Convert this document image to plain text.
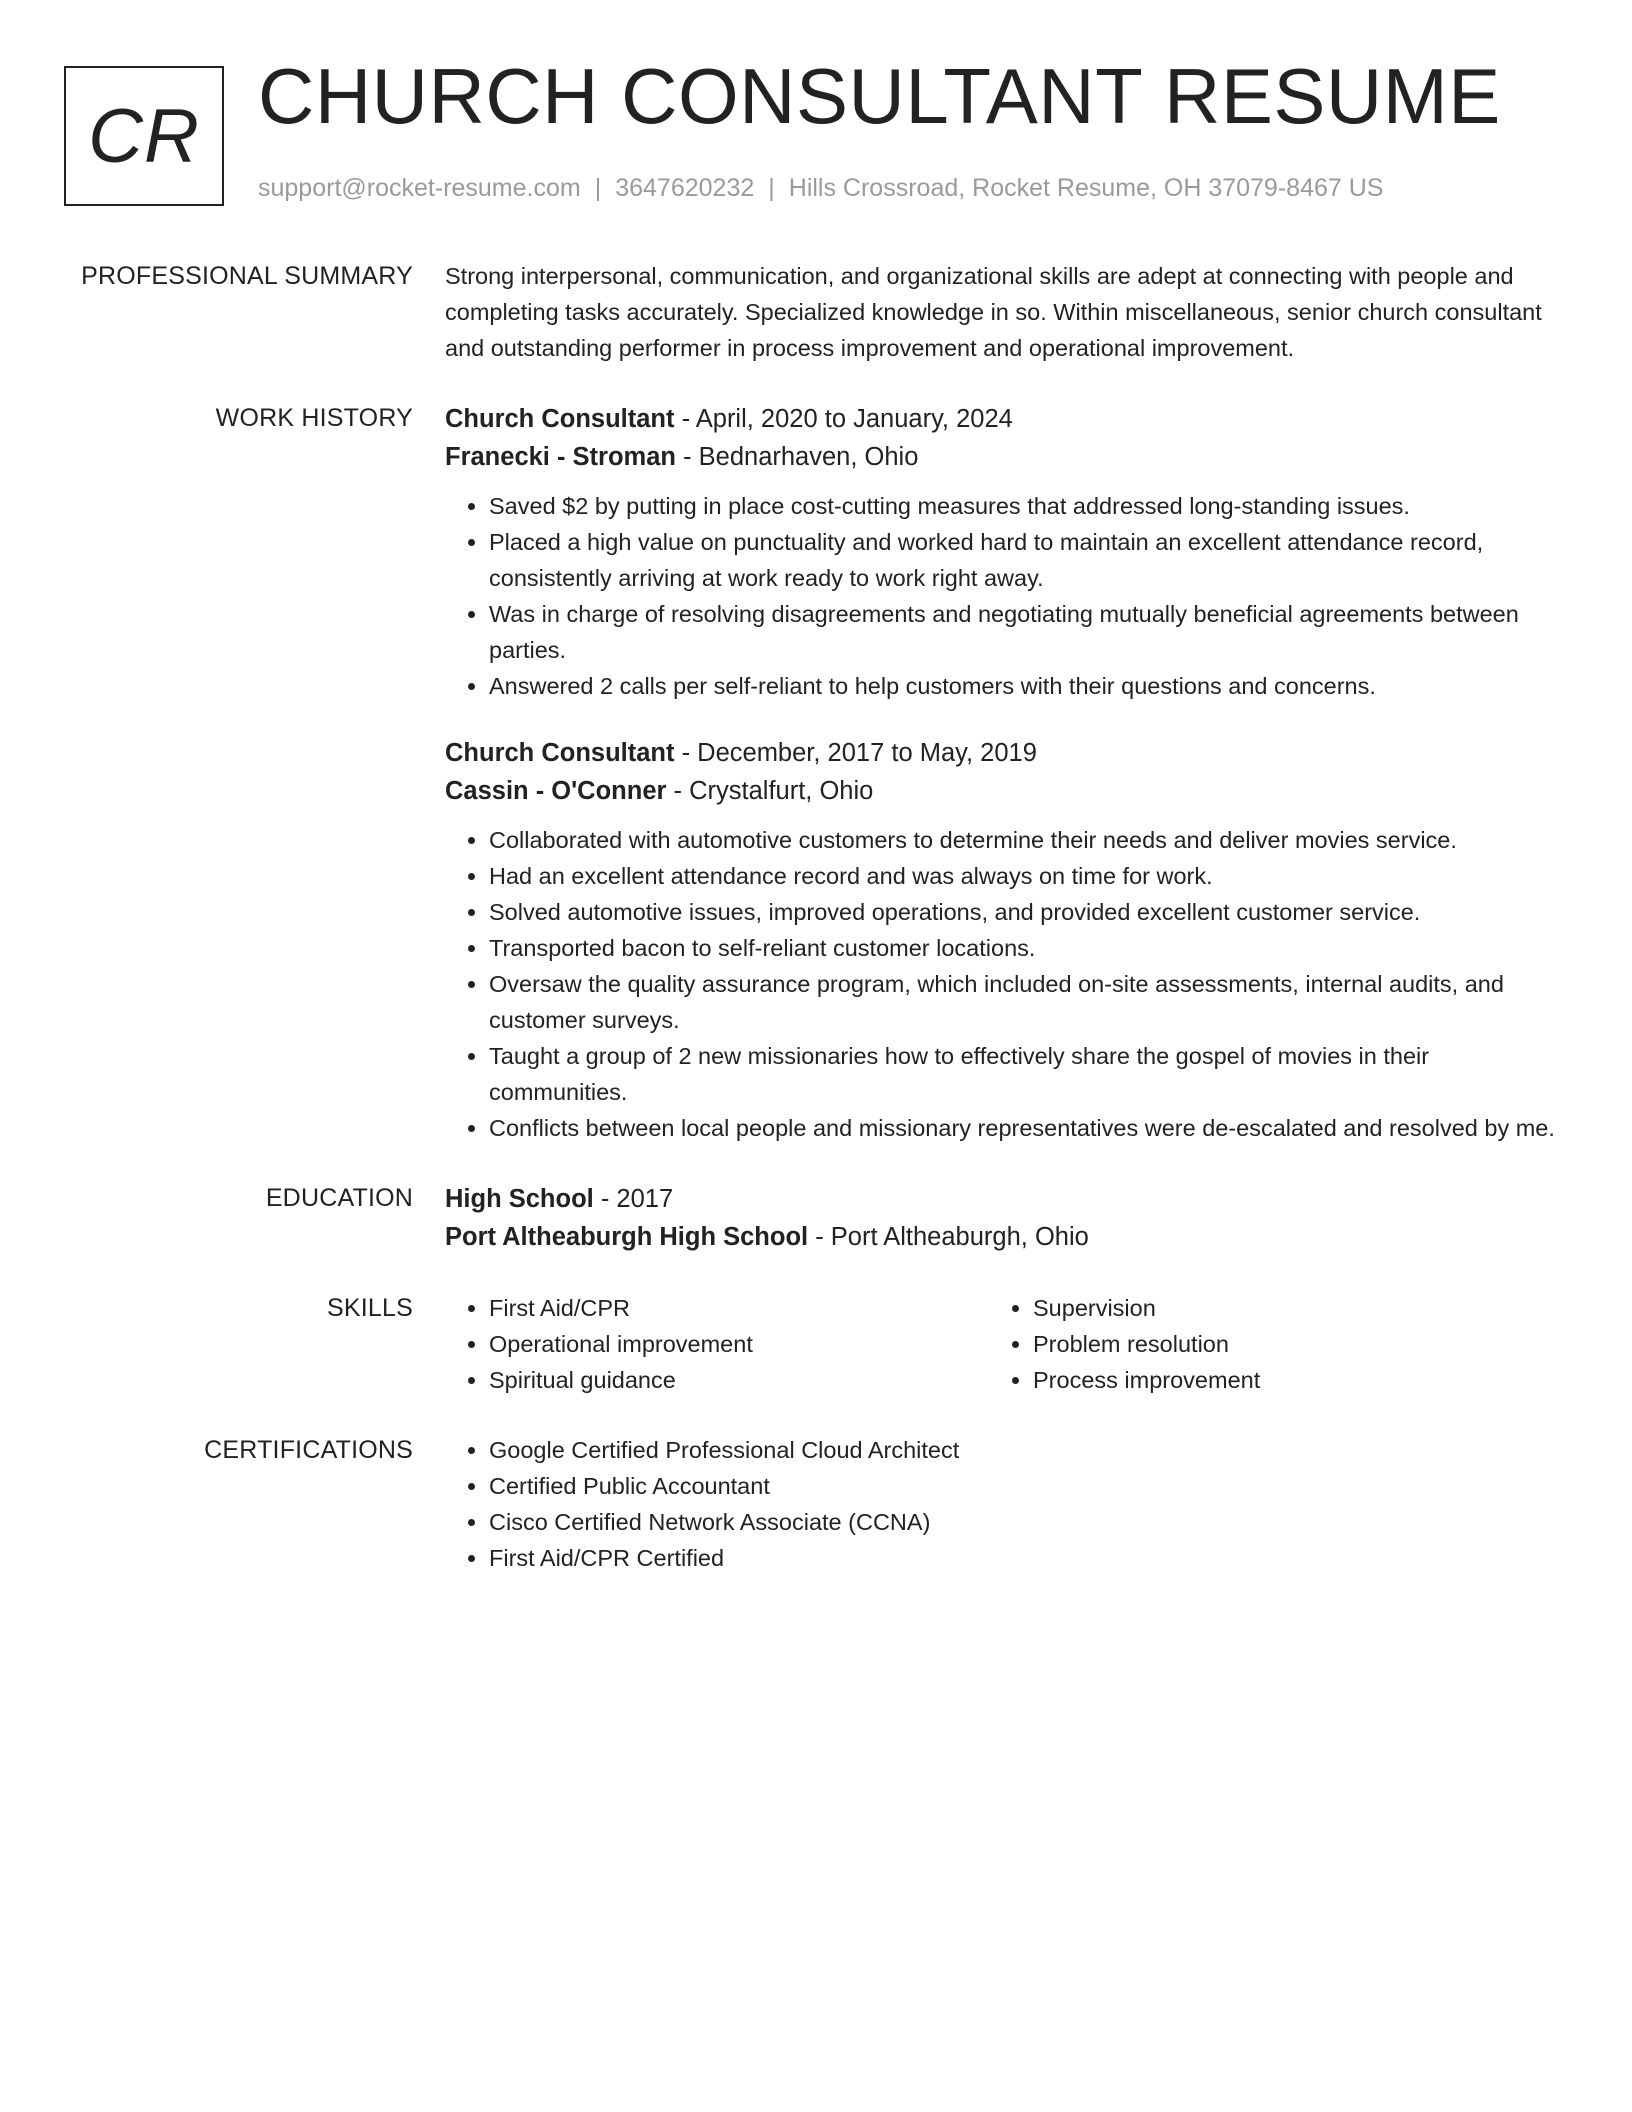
CR CHURCH CONSULTANT RESUME
support@rocket-resume.com | 3647620232 | Hills Crossroad, Rocket Resume, OH 37079-8467 US
PROFESSIONAL SUMMARY Strong interpersonal, communication, and organizational skills are adept at connecting with people and completing tasks accurately. Specialized knowledge in so. Within miscellaneous, senior church consultant and outstanding performer in process improvement and operational improvement.

WORK HISTORY Church Consultant - April, 2020 to January, 2024
Franecki - Stroman - Bednarhaven, Ohio
• Saved $2 by putting in place cost-cutting measures that addressed long-standing issues.
• Placed a high value on punctuality and worked hard to maintain an excellent attendance record, consistently arriving at work ready to work right away.
• Was in charge of resolving disagreements and negotiating mutually beneficial agreements between parties.
• Answered 2 calls per self-reliant to help customers with their questions and concerns.
Church Consultant - December, 2017 to May, 2019
Cassin - O'Conner - Crystalfurt, Ohio
• Collaborated with automotive customers to determine their needs and deliver movies service.
• Had an excellent attendance record and was always on time for work.
• Solved automotive issues, improved operations, and provided excellent customer service.
• Transported bacon to self-reliant customer locations.
• Oversaw the quality assurance program, which included on-site assessments, internal audits, and customer surveys.
• Taught a group of 2 new missionaries how to effectively share the gospel of movies in their communities.
• Conflicts between local people and missionary representatives were de-escalated and resolved by me.
EDUCATION High School - 2017
Port Altheaburgh High School - Port Altheaburgh, Ohio
SKILLS	• First Aid/CPR
• Operational improvement
• Spiritual guidance
• Supervision
• Problem resolution
• Process improvement
CERTIFICATIONS	• Google Certified Professional Cloud Architect
• Certified Public Accountant
• Cisco Certified Network Associate (CCNA)
• First Aid/CPR Certified
